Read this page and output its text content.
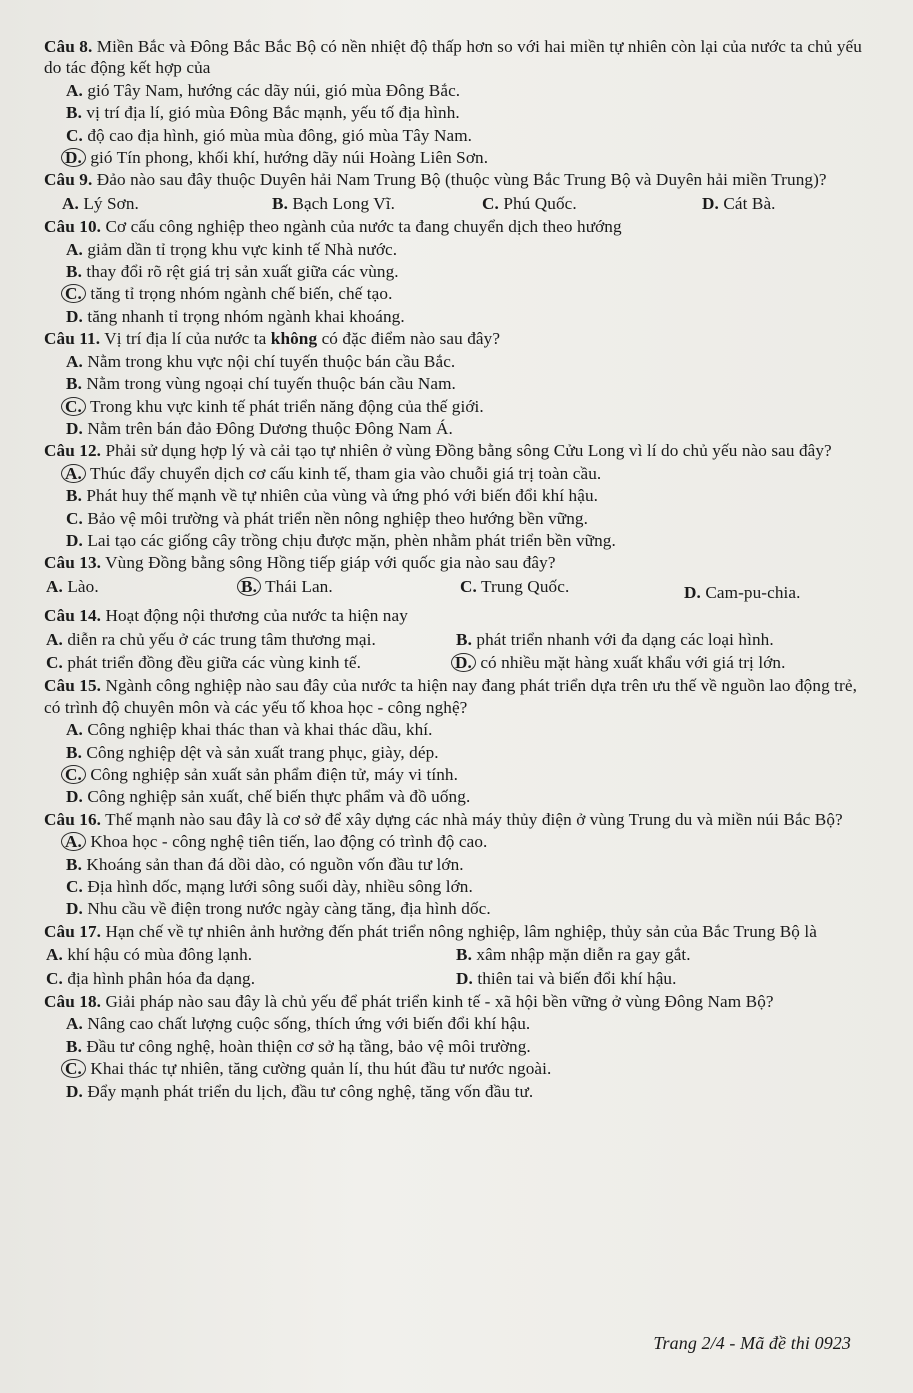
Câu 8. Miền Bắc và Đông Bắc Bắc Bộ có nền nhiệt độ thấp hơn so với hai miền tự nhiên còn lại của nước ta chủ yếu do tác động kết hợp của

A. gió Tây Nam, hướng các dãy núi, gió mùa Đông Bắc.
B. vị trí địa lí, gió mùa Đông Bắc mạnh, yếu tố địa hình.
C. độ cao địa hình, gió mùa mùa đông, gió mùa Tây Nam.
D. gió Tín phong, khối khí, hướng dãy núi Hoàng Liên Sơn.

Câu 9. Đảo nào sau đây thuộc Duyên hải Nam Trung Bộ (thuộc vùng Bắc Trung Bộ và Duyên hải miền Trung)?

A. Lý Sơn.	B. Bạch Long Vĩ.	C. Phú Quốc.	D. Cát Bà.

Câu 10. Cơ cấu công nghiệp theo ngành của nước ta đang chuyển dịch theo hướng

A. giảm dần tỉ trọng khu vực kinh tế Nhà nước.
B. thay đổi rõ rệt giá trị sản xuất giữa các vùng.
C. tăng tỉ trọng nhóm ngành chế biến, chế tạo.
D. tăng nhanh tỉ trọng nhóm ngành khai khoáng.

Câu 11. Vị trí địa lí của nước ta không có đặc điểm nào sau đây?

A. Nằm trong khu vực nội chí tuyến thuộc bán cầu Bắc.
B. Nằm trong vùng ngoại chí tuyến thuộc bán cầu Nam.
C. Trong khu vực kinh tế phát triển năng động của thế giới.
D. Nằm trên bán đảo Đông Dương thuộc Đông Nam Á.

Câu 12. Phải sử dụng hợp lý và cải tạo tự nhiên ở vùng Đồng bằng sông Cửu Long vì lí do chủ yếu nào sau đây?

A. Thúc đẩy chuyển dịch cơ cấu kinh tế, tham gia vào chuỗi giá trị toàn cầu.
B. Phát huy thế mạnh về tự nhiên của vùng và ứng phó với biến đổi khí hậu.
C. Bảo vệ môi trường và phát triển nền nông nghiệp theo hướng bền vững.
D. Lai tạo các giống cây trồng chịu được mặn, phèn nhằm phát triển bền vững.

Câu 13. Vùng Đồng bằng sông Hồng tiếp giáp với quốc gia nào sau đây?

A. Lào.	B. Thái Lan.	C. Trung Quốc.	D. Cam-pu-chia.

Câu 14. Hoạt động nội thương của nước ta hiện nay

A. diễn ra chủ yếu ở các trung tâm thương mại.	B. phát triển nhanh với đa dạng các loại hình.
C. phát triển đồng đều giữa các vùng kinh tế.	D. có nhiều mặt hàng xuất khẩu với giá trị lớn.

Câu 15. Ngành công nghiệp nào sau đây của nước ta hiện nay đang phát triển dựa trên ưu thế về nguồn lao động trẻ, có trình độ chuyên môn và các yếu tố khoa học - công nghệ?

A. Công nghiệp khai thác than và khai thác dầu, khí.
B. Công nghiệp dệt và sản xuất trang phục, giày, dép.
C. Công nghiệp sản xuất sản phẩm điện tử, máy vi tính.
D. Công nghiệp sản xuất, chế biến thực phẩm và đồ uống.

Câu 16. Thế mạnh nào sau đây là cơ sở để xây dựng các nhà máy thủy điện ở vùng Trung du và miền núi Bắc Bộ?

A. Khoa học - công nghệ tiên tiến, lao động có trình độ cao.
B. Khoáng sản than đá dồi dào, có nguồn vốn đầu tư lớn.
C. Địa hình dốc, mạng lưới sông suối dày, nhiều sông lớn.
D. Nhu cầu về điện trong nước ngày càng tăng, địa hình dốc.

Câu 17. Hạn chế về tự nhiên ảnh hưởng đến phát triển nông nghiệp, lâm nghiệp, thủy sản của Bắc Trung Bộ là

A. khí hậu có mùa đông lạnh.	B. xâm nhập mặn diễn ra gay gắt.
C. địa hình phân hóa đa dạng.	D. thiên tai và biến đổi khí hậu.

Câu 18. Giải pháp nào sau đây là chủ yếu để phát triển kinh tế - xã hội bền vững ở vùng Đông Nam Bộ?

A. Nâng cao chất lượng cuộc sống, thích ứng với biến đổi khí hậu.
B. Đầu tư công nghệ, hoàn thiện cơ sở hạ tầng, bảo vệ môi trường.
C. Khai thác tự nhiên, tăng cường quản lí, thu hút đầu tư nước ngoài.
D. Đẩy mạnh phát triển du lịch, đầu tư công nghệ, tăng vốn đầu tư.
Trang 2/4 - Mã đề thi 0923
